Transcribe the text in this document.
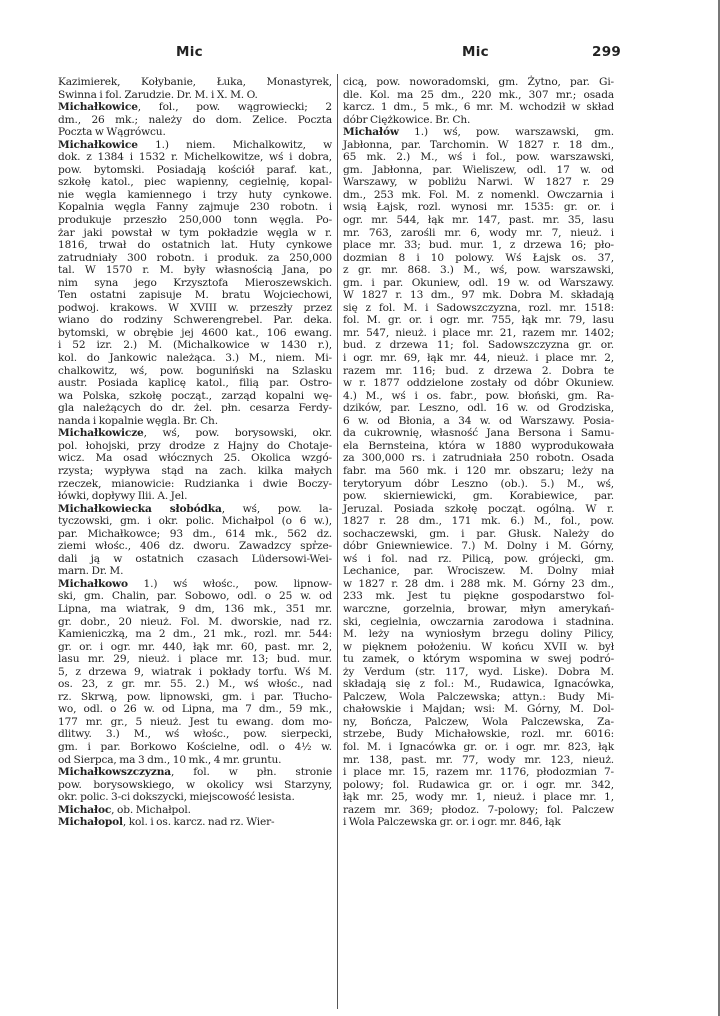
Mic	Mic	299

Kazimierek, Kołybanie, Łuka, Monastyrek,

Swinna i fol. Zarudzie. Dr. M. i X. M. O.

Michałkowice, fol., pow. wągrowiecki; 2

dm., 26 mk.; należy do dom. Zelice. Poczta

Poczta w Wągrówcu.

Michałkowice 1.) niem. Michalkowitz, w

dok. z 1384 i 1532 r. Michelkowitze, wś i dobra,

pow. bytomski. Posiadają kościół paraf. kat.,

szkołę katol., piec wapienny, cegielnię, kopal-

nie węgla kamiennego i trzy huty cynkowe.

Kopalnia węgla Fanny zajmuje 230 robotn. i

produkuje przeszło 250,000 tonn węgla. Po-

żar jaki powstał w tym pokładzie węgla w r.

1816, trwał do ostatnich lat. Huty cynkowe

zatrudniały 300 robotn. i produk. za 250,000

tal. W 1570 r. M. były własnością Jana, po

nim syna jego Krzysztofa Mieroszewskich.

Ten ostatni zapisuje M. bratu Wojciechowi,

podwoj. krakows. W XVIII w. przeszły przez

wiano do rodziny Schwerengrebel. Par. deka.

bytomski, w obrębie jej 4600 kat., 106 ewang.

i 52 izr. 2.) M. (Michalkowice w 1430 r.),

kol. do Jankowic należąca. 3.) M., niem. Mi-

chalkowitz, wś, pow. boguniński na Szlasku

austr. Posiada kaplicę katol., filią par. Ostro-

wa Polska, szkołę począt., zarząd kopalni wę-

gla należących do dr. żel. płn. cesarza Ferdy-

nanda i kopalnie węgla. Br. Ch.

Michałkowicze, wś, pow. borysowski, okr.

pol. łohojski, przy drodze z Hajny do Chotaje-

wicz. Ma osad włócznych 25. Okolica wzgó-

rzysta; wypływa stąd na zach. kilka małych

rzeczek, mianowicie: Rudzianka i dwie Boczy-

łówki, dopływy Ilii. A. Jel.

Michałkowiecka słobódka, wś, pow. la-

tyczowski, gm. i okr. polic. Michałpol (o 6 w.),

par. Michałkowce; 93 dm., 614 mk., 562 dz.

ziemi włośc., 406 dz. dworu. Zawadzcy spr̓ze-

dali ją w ostatnich czasach Lüdersowi-Wei-

marn. Dr. M.

Michałkowo 1.) wś włośc., pow. lipnow-

ski, gm. Chalin, par. Sobowo, odl. o 25 w. od

Lipna, ma wiatrak, 9 dm, 136 mk., 351 mr.

gr. dobr., 20 nieuż. Fol. M. dworskie, nad rz.

Kamieniczką, ma 2 dm., 21 mk., rozl. mr. 544:

gr. or. i ogr. mr. 440, łąk mr. 60, past. mr. 2,

lasu mr. 29, nieuż. i place mr. 13; bud. mur.

5, z drzewa 9, wiatrak i pokłady torfu. Wś M.

os. 23, z gr. mr. 55. 2.) M., wś włośc., nad

rz. Skrwą, pow. lipnowski, gm. i par. Tłucho-

wo, odl. o 26 w. od Lipna, ma 7 dm., 59 mk.,

177 mr. gr., 5 nieuż. Jest tu ewang. dom mo-

dlitwy. 3.) M., wś włośc., pow. sierpecki,

gm. i par. Borkowo Kościelne, odl. o 4½ w.

od Sierpca, ma 3 dm., 10 mk., 4 mr. gruntu.

Michałkowszczyzna, fol. w płn. stronie

pow. borysowskiego, w okolicy wsi Starzyny,

okr. polic. 3-ci dokszycki, miejscowość lesista.

Michałoc, ob. Michałpol.

Michałopol, kol. i os. karcz. nad rz. Wier-

cicą, pow. noworadomski, gm. Żytno, par. Gi-

dle. Kol. ma 25 dm., 220 mk., 307 mr.; osada

karcz. 1 dm., 5 mk., 6 mr. M. wchodził w skład

dóbr Ciężkowice. Br. Ch.

Michałów 1.) wś, pow. warszawski, gm.

Jabłonna, par. Tarchomin. W 1827 r. 18 dm.,

65 mk. 2.) M., wś i fol., pow. warszawski,

gm. Jabłonna, par. Wieliszew, odl. 17 w. od

Warszawy, w pobliżu Narwi. W 1827 r. 29

dm., 253 mk. Fol. M. z nomenkl. Owczarnia i

wsią Łajsk, rozl. wynosi mr. 1535: gr. or. i

ogr. mr. 544, łąk mr. 147, past. mr. 35, lasu

mr. 763, zarośli mr. 6, wody mr. 7, nieuż. i

place mr. 33; bud. mur. 1, z drzewa 16; pło-

dozmian 8 i 10 polowy. Wś Łajsk os. 37,

z gr. mr. 868. 3.) M., wś, pow. warszawski,

gm. i par. Okuniew, odl. 19 w. od Warszawy.

W 1827 r. 13 dm., 97 mk. Dobra M. składają

się z fol. M. i Sadowszczyzna, rozl. mr. 1518:

fol. M. gr. or. i ogr. mr. 755, łąk mr. 79, lasu

mr. 547, nieuż. i place mr. 21, razem mr. 1402;

bud. z drzewa 11; fol. Sadowszczyzna gr. or.

i ogr. mr. 69, łąk mr. 44, nieuż. i place mr. 2,

razem mr. 116; bud. z drzewa 2. Dobra te

w r. 1877 oddzielone zostały od dóbr Okuniew.

4.) M., wś i os. fabr., pow. błoński, gm. Ra-

dzików, par. Leszno, odl. 16 w. od Grodziska,

6 w. od Błonia, a 34 w. od Warszawy. Posia-

da cukrownię, własność Jana Bersona i Samu-

ela Bernsteina, która w 1880 wyprodukowała

za 300,000 rs. i zatrudniała 250 robotn. Osada

fabr. ma 560 mk. i 120 mr. obszaru; leży na

terytoryum dóbr Leszno (ob.). 5.) M., wś,

pow. skierniewicki, gm. Korabiewice, par.

Jeruzal. Posiada szkołę począt. ogólną. W r.

1827 r. 28 dm., 171 mk. 6.) M., fol., pow.

sochaczewski, gm. i par. Głusk. Należy do

dóbr Gniewniewice. 7.) M. Dolny i M. Górny,

wś i fol. nad rz. Pilicą, pow. grójecki, gm.

Lechanice, par. Wrociszew. M. Dolny miał

w 1827 r. 28 dm. i 288 mk. M. Górny 23 dm.,

233 mk. Jest tu piękne gospodarstwo fol-

warczne, gorzelnia, browar, młyn amerykań-

ski, cegielnia, owczarnia zarodowa i stadnina.

M. leży na wyniosłym brzegu doliny Pilicy,

w pięknem położeniu. W końcu XVII w. był

tu zamek, o którym wspomina w swej podró-

ży Verdum (str. 117, wyd. Liske). Dobra M.

składają się z fol.: M., Rudawica, Ignacówka,

Palczew, Wola Palczewska; attyn.: Budy Mi-

chałowskie i Majdan; wsi: M. Górny, M. Dol-

ny, Bończa, Palczew, Wola Palczewska, Za-

strzebe, Budy Michałowskie, rozl. mr. 6016:

fol. M. i Ignacówka gr. or. i ogr. mr. 823, łąk

mr. 138, past. mr. 77, wody mr. 123, nieuż.

i place mr. 15, razem mr. 1176, płodozmian 7-

polowy; fol. Rudawica gr. or. i ogr. mr. 342,

łąk mr. 25, wody mr. 1, nieuż. i place mr. 1,

razem mr. 369; płodoz. 7-polowy; fol. Palczew

i Wola Palczewska gr. or. i ogr. mr. 846, łąk
